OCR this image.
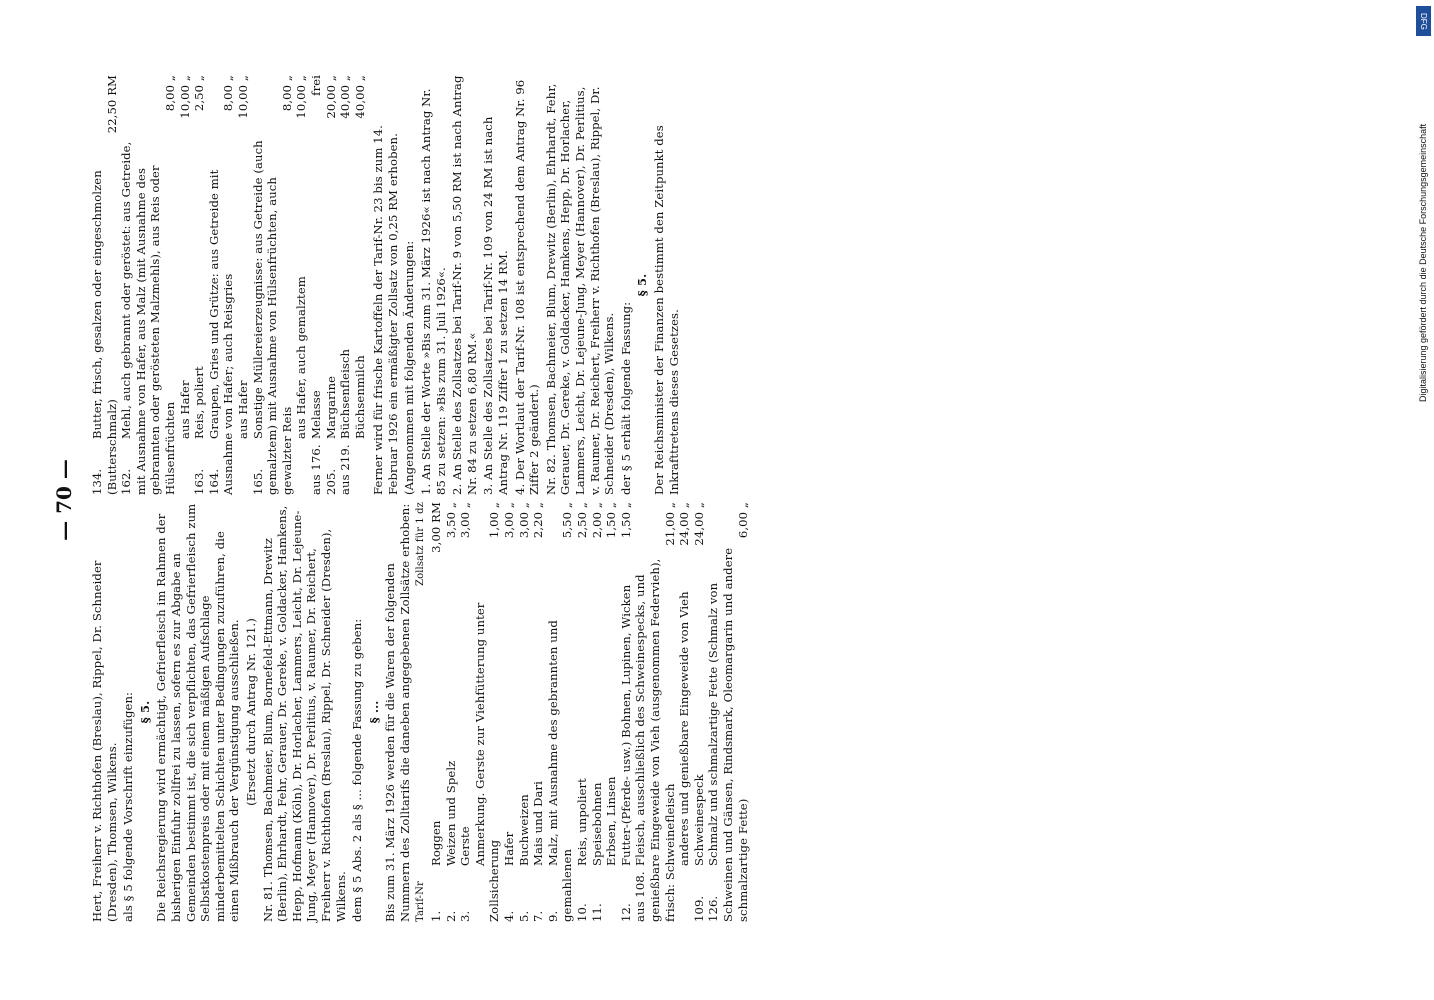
— 70 —
Hert, Freiherr v. Richthofen (Breslau), Rippel, Dr. Schneider (Dresden), Thomsen, Wilkens. als § 5 folgende Vorschrift einzufügen: § 5. Die Reichsregierung wird ermächtigt, Gefrierfleisch im Rahmen der bisherigen Einfuhr zollfrei zu lassen, sofern es zur Abgabe an Gemeinden bestimmt ist, die sich verpflichten, das Gefrierfleisch zum Selbstkostenpreis oder mit einem mäßigen Aufschlage minderbemittelten Schichten unter Bedingungen zuzuführen, die einen Mißbrauch der Vergünstigung ausschließen. (Ersetzt durch Antrag Nr. 121.) Nr. 81. Thomsen, Bachmeier, Blum, Bornefeld-Ettmann, Drewitz (Berlin), Ehrhardt, Fehr, Gerauer, Dr. Gereke, v. Goldacker, Hamkens, Hepp, Hofmann (Köln), Dr. Horlacher, Lammers, Leicht, Dr. Lejeune-Jung, Meyer (Hannover), Dr. Perlitius, v. Raumer, Dr. Reichert, Freiherr v. Richthofen (Breslau), Rippel, Dr. Schneider (Dresden), Wilkens. dem § 5 Abs. 2 als § ... folgende Fassung zu geben: § ... Bis zum 31. März 1926 werden für die Waren der folgenden Nummern des Zolltarifs die daneben angegebenen Zollsätze erhoben: Tarif-Nr
Zollsatz für 1 dz
1.Roggen
3,00 RM
2.Weizen und Spelz
3,50 „
3.Gerste
3,00 „
Anmerkung. Gerste zur Viehfütterung unter Zollsicherung
1,00 „
4.Hafer
3,00 „
5.Buchweizen
3,00 „
7.Mais und Dari
2,20 „
9.Malz, mit Ausnahme des gebrannten und gemahlenen
5,50 „
10.Reis, unpoliert
2,50 „
11.Speisebohnen
2,00 „
Erbsen, Linsen
1,50 „
12.Futter-(Pferde- usw.) Bohnen, Lupinen, Wicken
1,50 „
aus 108.Fleisch, ausschließlich des Schweinespecks, und genießbare Eingeweide von Vieh (ausgenommen Federvieh), frisch: Schweinefleisch
21,00 „
anderes und genießbare Eingeweide von Vieh
24,00 „
109.Schweinespeck
24,00 „
126.Schmalz und schmalzartige Fette (Schmalz von Schweinen und Gänsen, Rindsmark, Oleomargarin und andere schmalzartige Fette)
6,00 „
134.Butter, frisch, gesalzen oder eingeschmolzen (Butterschmalz)
22,50 RM
162.Mehl, auch gebrannt oder geröstet: aus Getreide, mit Ausnahme von Hafer, aus Malz (mit Ausnahme des gebrannten oder gerösteten Malzmehls), aus Reis oder Hülsenfrüchten
8,00 „
aus Hafer
10,00 „
163.Reis, poliert
2,50 „
164.Graupen, Gries und Grütze: aus Getreide mit Ausnahme von Hafer; auch Reisgries
8,00 „
aus Hafer
10,00 „
165.Sonstige Müllereierzeugnisse: aus Getreide (auch gemalztem) mit Ausnahme von Hülsenfrüchten, auch gewalzter Reis
8,00 „
aus Hafer, auch gemalztem
10,00 „
aus 176.Melasse
frei
205.Margarine
20,00 „
aus 219.Büchsenfleisch
40,00 „
Büchsenmilch
40,00 „
Ferner wird für frische Kartoffeln der Tarif-Nr. 23 bis zum 14. Februar 1926 ein ermäßigter Zollsatz von 0,25 RM erhoben. (Angenommen mit folgenden Änderungen: 1. An Stelle der Worte »Bis zum 31. März 1926« ist nach Antrag Nr. 85 zu setzen: »Bis zum 31. Juli 1926«. 2. An Stelle des Zollsatzes bei Tarif-Nr. 9 von 5,50 RM ist nach Antrag Nr. 84 zu setzen 6,80 RM.« 3. An Stelle des Zollsatzes bei Tarif-Nr. 109 von 24 RM ist nach Antrag Nr. 119 Ziffer 1 zu setzen 14 RM. 4. Der Wortlaut der Tarif-Nr. 108 ist entsprechend dem Antrag Nr. 96 Ziffer 2 geändert.) Nr. 82. Thomsen, Bachmeier, Blum, Drewitz (Berlin), Ehrhardt, Fehr, Gerauer, Dr. Gereke, v. Goldacker, Hamkens, Hepp, Dr. Horlacher, Lammers, Leicht, Dr. Lejeune-Jung, Meyer (Hannover), Dr. Perlitius, v. Raumer, Dr. Reichert, Freiherr v. Richthofen (Breslau), Rippel, Dr. Schneider (Dresden), Wilkens. der § 5 erhält folgende Fassung:
§ 5. Der Reichsminister der Finanzen bestimmt den Zeitpunkt des Inkrafttretens dieses Gesetzes.
DFG
Digitalisierung gefördert durch die Deutsche Forschungsgemeinschaft
